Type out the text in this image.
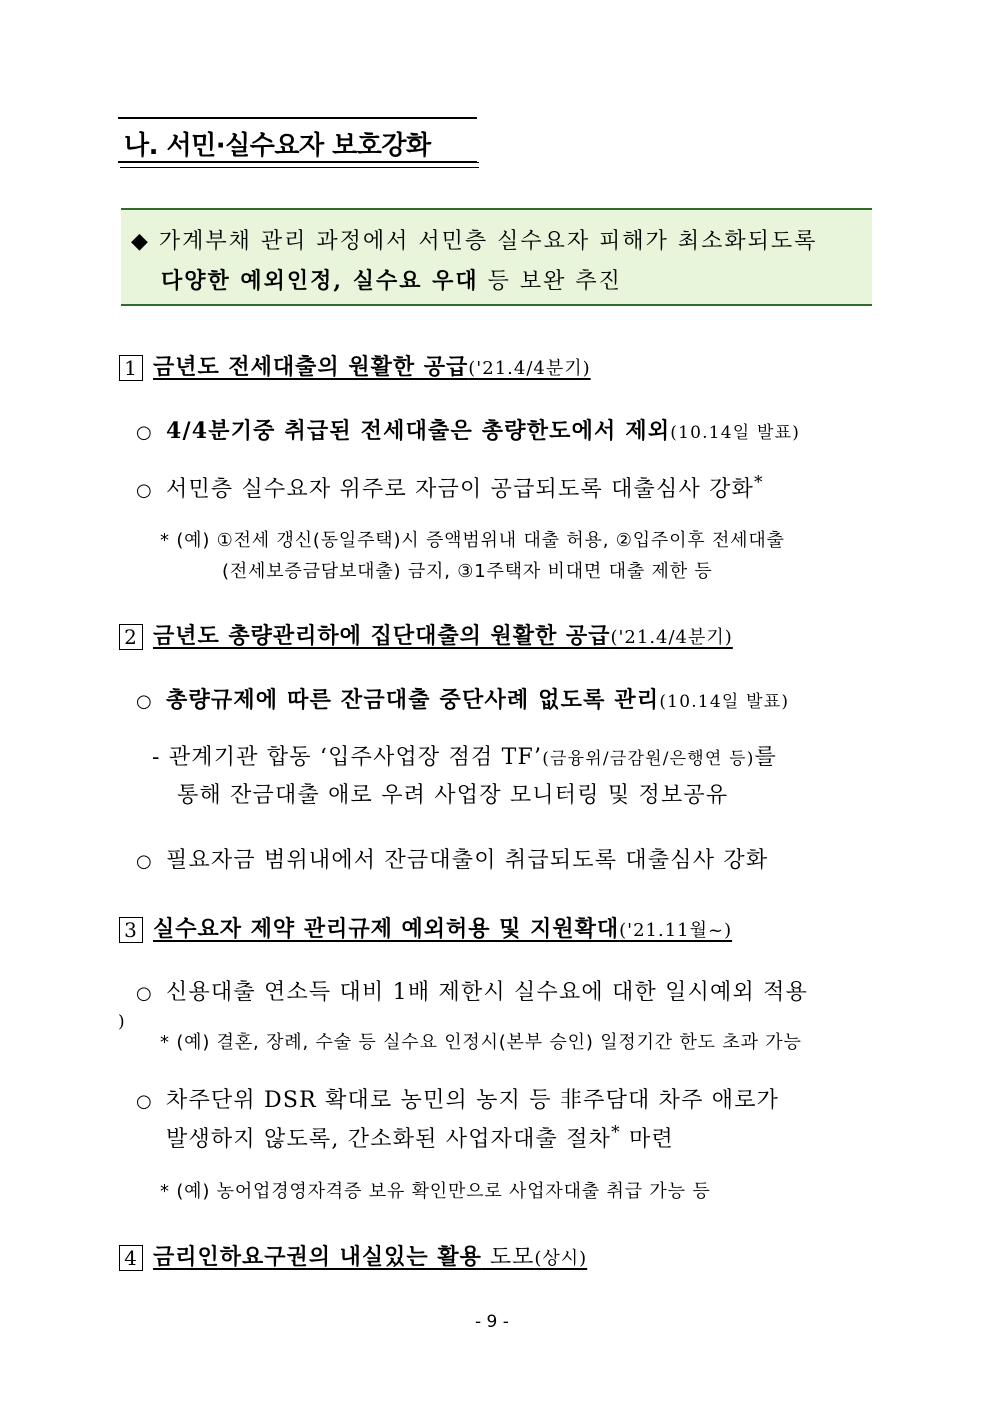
나. 서민·실수요자 보호강화
◆ 가계부채 관리 과정에서 서민층 실수요자 피해가 최소화되도록
다양한 예외인정, 실수요 우대 등 보완 추진
1 금년도 전세대출의 원활한 공급('21.4/4분기)
○ 4/4분기중 취급된 전세대출은 총량한도에서 제외(10.14일 발표)
○ 서민층 실수요자 위주로 자금이 공급되도록 대출심사 강화*
* (예) ①전세 갱신(동일주택)시 증액범위내 대출 허용, ②입주이후 전세대출
(전세보증금담보대출) 금지, ③1주택자 비대면 대출 제한 등
2 금년도 총량관리하에 집단대출의 원활한 공급('21.4/4분기)
○ 총량규제에 따른 잔금대출 중단사례 없도록 관리(10.14일 발표)
- 관계기관 합동 ‘입주사업장 점검 TF’(금융위/금감원/은행연 등)를
통해 잔금대출 애로 우려 사업장 모니터링 및 정보공유
○ 필요자금 범위내에서 잔금대출이 취급되도록 대출심사 강화
3 실수요자 제약 관리규제 예외허용 및 지원확대('21.11월~)
○ 신용대출 연소득 대비 1배 제한시 실수요에 대한 일시예외 적용
)
* (예) 결혼, 장례, 수술 등 실수요 인정시(본부 승인) 일정기간 한도 초과 가능
○ 차주단위 DSR 확대로 농민의 농지 등 非주담대 차주 애로가
발생하지 않도록, 간소화된 사업자대출 절차* 마련
* (예) 농어업경영자격증 보유 확인만으로 사업자대출 취급 가능 등
4 금리인하요구권의 내실있는 활용 도모(상시)
- 9 -
